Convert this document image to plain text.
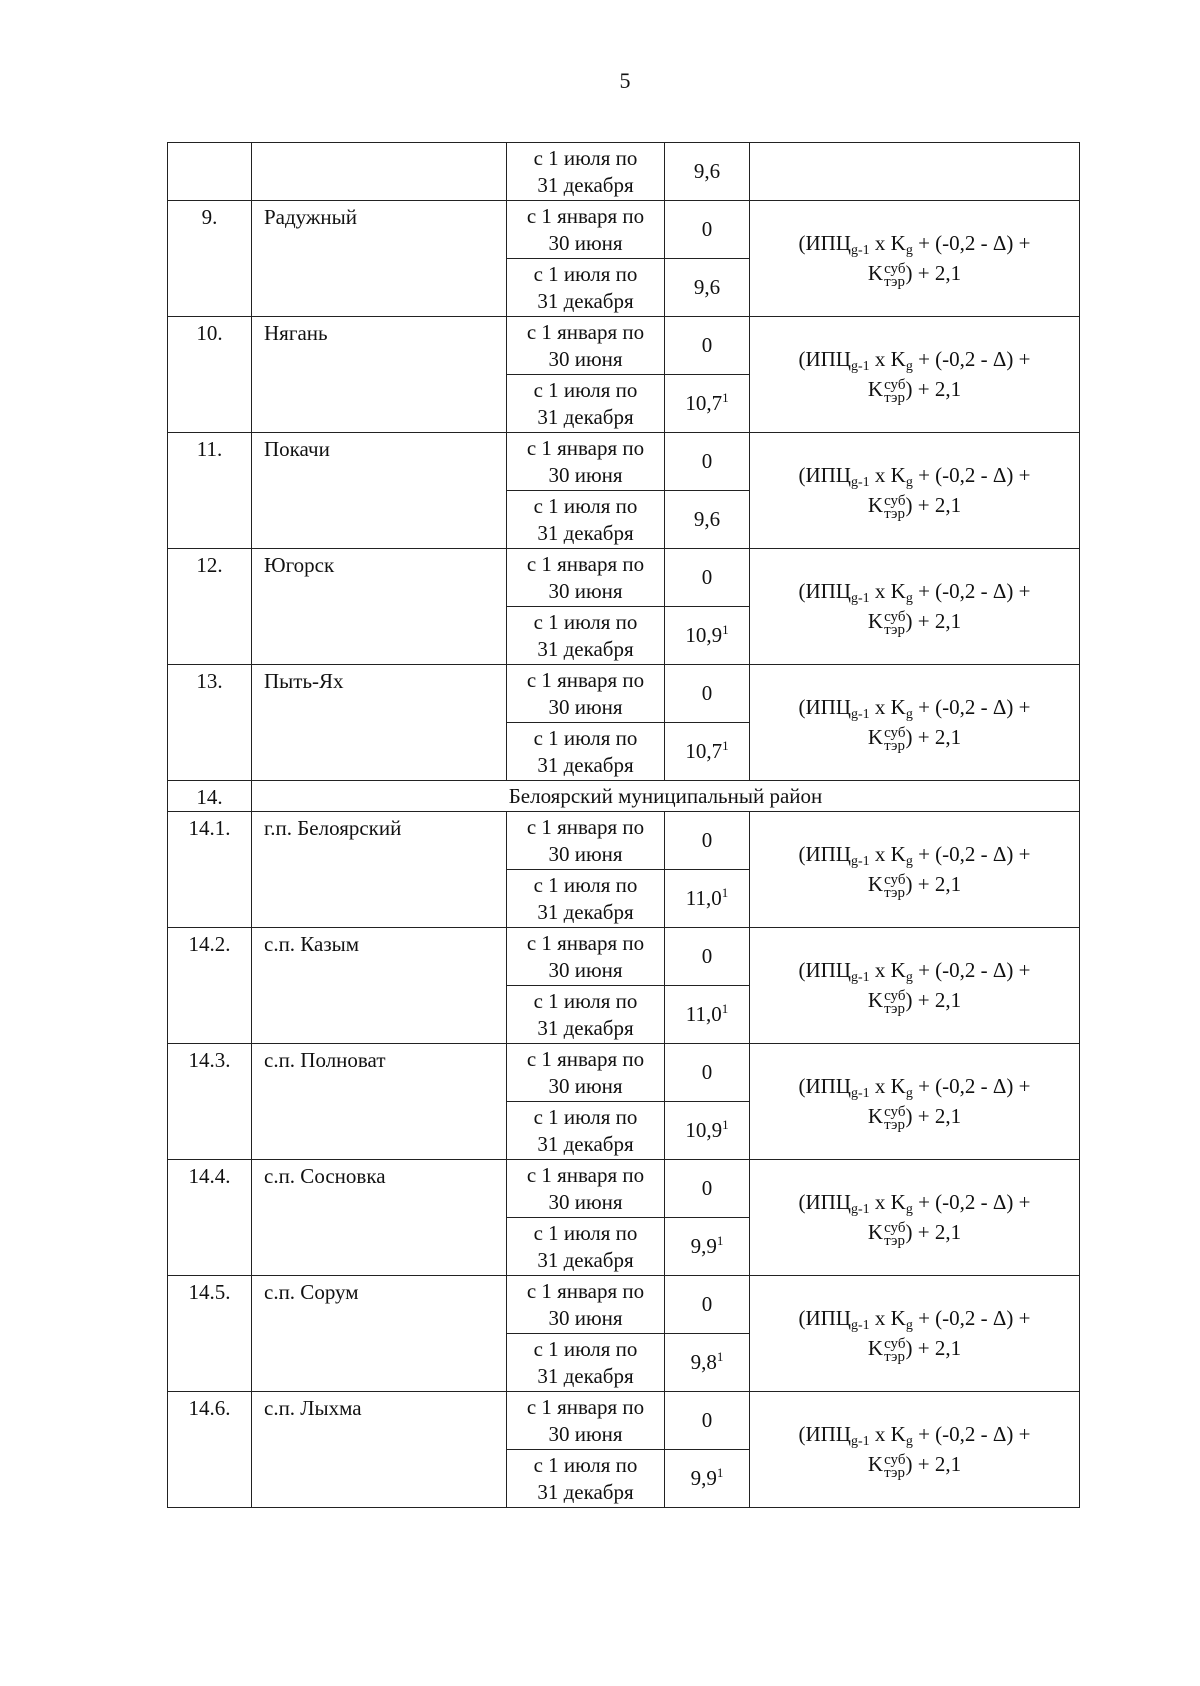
5

		с 1 июля по
31 декабря	9,6	
9.	Радужный	с 1 января по
30 июня	0	(ИПЦg-1 x Kg + (-0,2 - Δ) +
K суб
тэр ) + 2,1

		с 1 июля по
31 декабря	9,6	
10.	Нягань	с 1 января по
30 июня	0	(ИПЦg-1 x Kg + (-0,2 - Δ) +
K суб
тэр ) + 2,1

		с 1 июля по
31 декабря	10,7$^1$
11.	Покачи	с 1 января по
30 июня	0	(ИПЦg-1 x Kg + (-0,2 - Δ) +
K суб
тэр ) + 2,1

		с 1 июля по
31 декабря	9,6	
12.	Югорск	с 1 января по
30 июня	0	(ИПЦg-1 x Kg + (-0,2 - Δ) +
K суб
тэр ) + 2,1

		с 1 июля по
31 декабря	10,9$^1$
13.	Пыть-Ях	с 1 января по
30 июня	0	(ИПЦg-1 x Kg + (-0,2 - Δ) +
K суб
тэр ) + 2,1

		с 1 июля по
31 декабря	10,7$^1$
14.	Белоярский муниципальный район			
14.1.	г.п. Белоярский	с 1 января по
30 июня	0	(ИПЦg-1 x Kg + (-0,2 - Δ) +
K суб
тэр ) + 2,1

		с 1 июля по
31 декабря	11,0$^1$
14.2.	с.п. Казым	с 1 января по
30 июня	0	(ИПЦg-1 x Kg + (-0,2 - Δ) +
K суб
тэр ) + 2,1

		с 1 июля по
31 декабря	11,0$^1$
14.3.	с.п. Полноват	с 1 января по
30 июня	0	(ИПЦg-1 x Kg + (-0,2 - Δ) +
K суб
тэр ) + 2,1

		с 1 июля по
31 декабря	10,9$^1$
14.4.	с.п. Сосновка	с 1 января по
30 июня	0	(ИПЦg-1 x Kg + (-0,2 - Δ) +
K суб
тэр ) + 2,1

		с 1 июля по
31 декабря	$9,9^1$
14.5.	с.п. Сорум	с 1 января по
30 июня	0	(ИПЦg-1 x Kg + (-0,2 - Δ) +
K суб
тэр ) + 2,1

		с 1 июля по
31 декабря	$9,8^1$
14.6.	с.п. Лыхма	с 1 января по
30 июня	0	(ИПЦg-1 x Kg + (-0,2 - Δ) +
K суб
тэр ) + 2,1

		с 1 июля по
31 декабря	$9,9^1$
